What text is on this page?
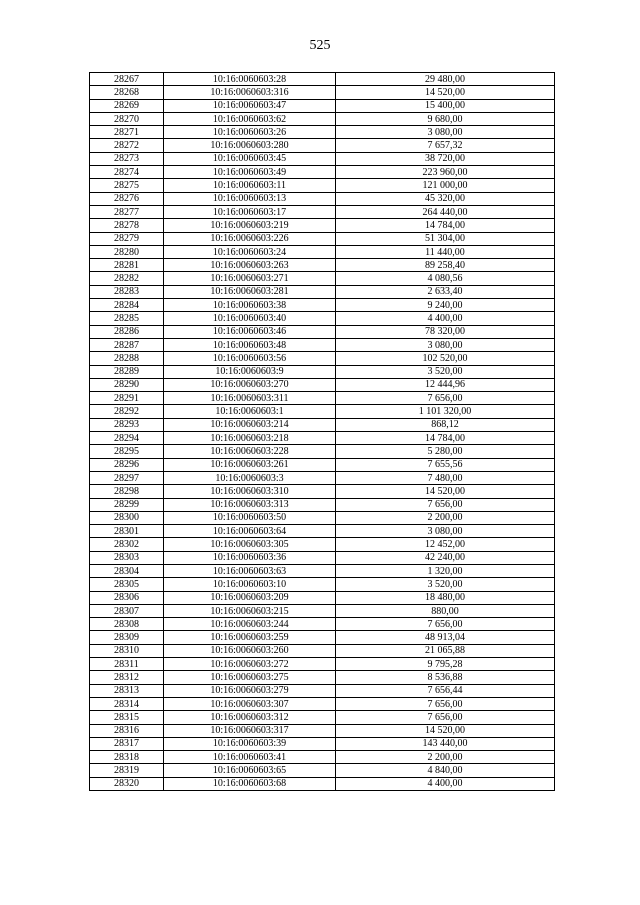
525
28267	10:16:0060603:28	29 480,00
28268	10:16:0060603:316	14 520,00
28269	10:16:0060603:47	15 400,00
28270	10:16:0060603:62	9 680,00
28271	10:16:0060603:26	3 080,00
28272	10:16:0060603:280	7 657,32
28273	10:16:0060603:45	38 720,00
28274	10:16:0060603:49	223 960,00
28275	10:16:0060603:11	121 000,00
28276	10:16:0060603:13	45 320,00
28277	10:16:0060603:17	264 440,00
28278	10:16:0060603:219	14 784,00
28279	10:16:0060603:226	51 304,00
28280	10:16:0060603:24	11 440,00
28281	10:16:0060603:263	89 258,40
28282	10:16:0060603:271	4 080,56
28283	10:16:0060603:281	2 633,40
28284	10:16:0060603:38	9 240,00
28285	10:16:0060603:40	4 400,00
28286	10:16:0060603:46	78 320,00
28287	10:16:0060603:48	3 080,00
28288	10:16:0060603:56	102 520,00
28289	10:16:0060603:9	3 520,00
28290	10:16:0060603:270	12 444,96
28291	10:16:0060603:311	7 656,00
28292	10:16:0060603:1	1 101 320,00
28293	10:16:0060603:214	868,12
28294	10:16:0060603:218	14 784,00
28295	10:16:0060603:228	5 280,00
28296	10:16:0060603:261	7 655,56
28297	10:16:0060603:3	7 480,00
28298	10:16:0060603:310	14 520,00
28299	10:16:0060603:313	7 656,00
28300	10:16:0060603:50	2 200,00
28301	10:16:0060603:64	3 080,00
28302	10:16:0060603:305	12 452,00
28303	10:16:0060603:36	42 240,00
28304	10:16:0060603:63	1 320,00
28305	10:16:0060603:10	3 520,00
28306	10:16:0060603:209	18 480,00
28307	10:16:0060603:215	880,00
28308	10:16:0060603:244	7 656,00
28309	10:16:0060603:259	48 913,04
28310	10:16:0060603:260	21 065,88
28311	10:16:0060603:272	9 795,28
28312	10:16:0060603:275	8 536,88
28313	10:16:0060603:279	7 656,44
28314	10:16:0060603:307	7 656,00
28315	10:16:0060603:312	7 656,00
28316	10:16:0060603:317	14 520,00
28317	10:16:0060603:39	143 440,00
28318	10:16:0060603:41	2 200,00
28319	10:16:0060603:65	4 840,00
28320	10:16:0060603:68	4 400,00
